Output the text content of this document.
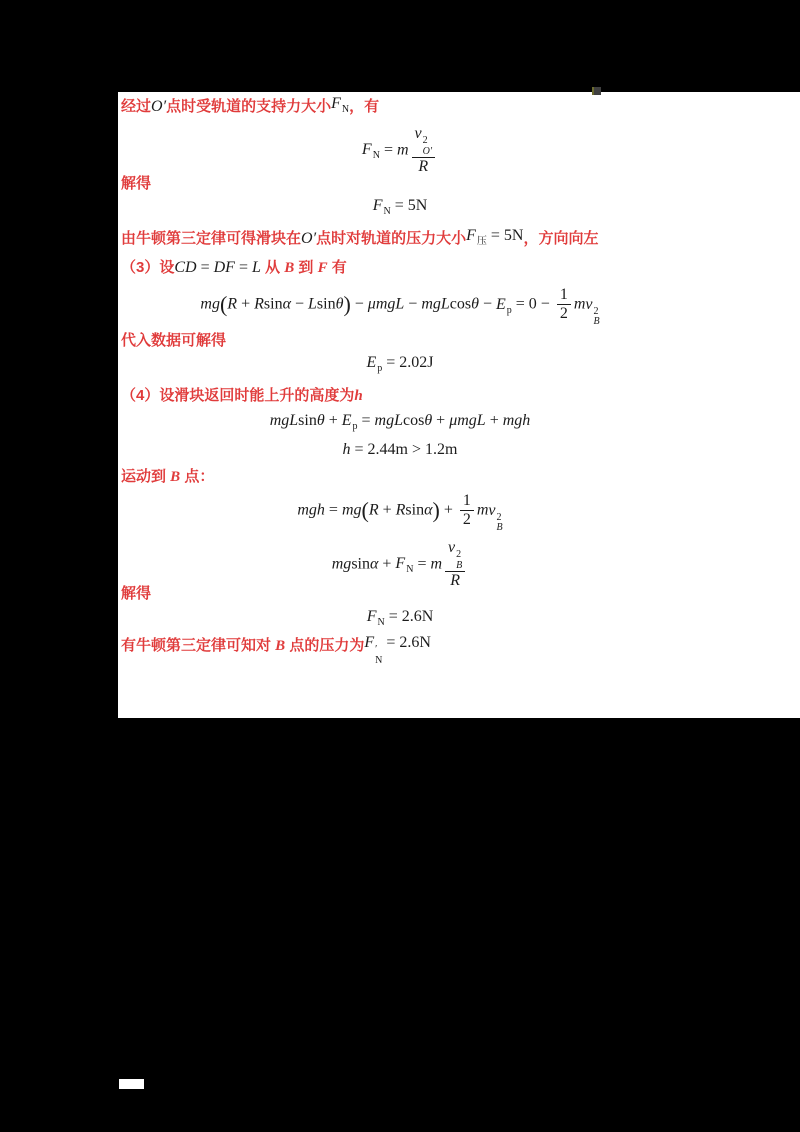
经过O′点时受轨道的支持力大小$F_N$，有
$F_N = m$ v 2
O′
R
解得
$F_N = 5N$
由牛顿第三定律可得滑块在O′点时对轨道的压力大小$F_压 = 5N$，方向向左
（3）设CD = DF = L 从 B 到 F 有
$mg(R + Rsin\alpha - Lsin\theta) - \mu mgL - mgLcos\theta - E_p = 0 - \frac{1}{2}$ mv 2
B
代入数据可解得
$E_p = 2.02J$
（4）设滑块返回时能上升的高度为h
$mgLsin\theta + E_p = mgLcos\theta + \mu mgL$ + mgh
h = 2.44m > 1.2m
运动到 B 点：
mgh = $mg(R + Rsin\alpha) + \frac{1}{2}$ mv 2
B
$mgsin\alpha + F_N = m$ v 2
B
R
解得
$F_N = 2.6N$
有牛顿第三定律可知对 B 点的压力为F ′
N
= 2.6N
